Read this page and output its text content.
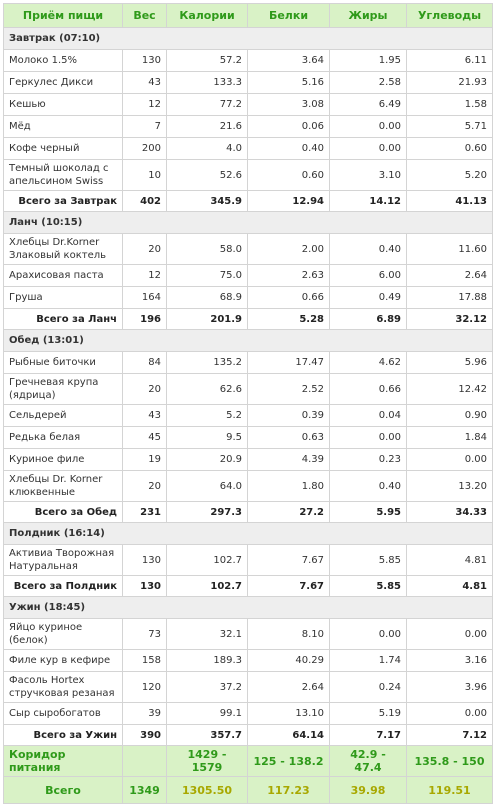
Приём пищи	Вес	Калории	Белки	Жиры	Углеводы
Завтрак (07:10)					
Молоко 1.5%	130	57.2	3.64	1.95	6.11
Геркулес Дикси	43	133.3	5.16	2.58	21.93
Кешью	12	77.2	3.08	6.49	1.58
Мёд	7	21.6	0.06	0.00	5.71
Кофе черный	200	4.0	0.40	0.00	0.60
Темный шоколад с апельсином Swiss	10	52.6	0.60	3.10	5.20
Всего за Завтрак	402	345.9	12.94	14.12	41.13
Ланч (10:15)					
Хлебцы Dr.Korner Злаковый коктель	20	58.0	2.00	0.40	11.60
Арахисовая паста	12	75.0	2.63	6.00	2.64
Груша	164	68.9	0.66	0.49	17.88
Всего за Ланч	196	201.9	5.28	6.89	32.12
Обед (13:01)					
Рыбные биточки	84	135.2	17.47	4.62	5.96
Гречневая крупа (ядрица)	20	62.6	2.52	0.66	12.42
Сельдерей	43	5.2	0.39	0.04	0.90
Редька белая	45	9.5	0.63	0.00	1.84
Куриное филе	19	20.9	4.39	0.23	0.00
Хлебцы Dr. Korner клюквенные	20	64.0	1.80	0.40	13.20
Всего за Обед	231	297.3	27.2	5.95	34.33
Полдник (16:14)					
Активиа Творожная Натуральная	130	102.7	7.67	5.85	4.81
Всего за Полдник	130	102.7	7.67	5.85	4.81
Ужин (18:45)					
Яйцо куриное (белок)	73	32.1	8.10	0.00	0.00
Филе кур в кефире	158	189.3	40.29	1.74	3.16
Фасоль Hortex стручковая резаная	120	37.2	2.64	0.24	3.96
Сыр сыробогатов	39	99.1	13.10	5.19	0.00
Всего за Ужин	390	357.7	64.14	7.17	7.12
Коридор питания		1429 - 1579	125 - 138.2	42.9 - 47.4	135.8 - 150
Всего	1349	1305.50	117.23	39.98	119.51
